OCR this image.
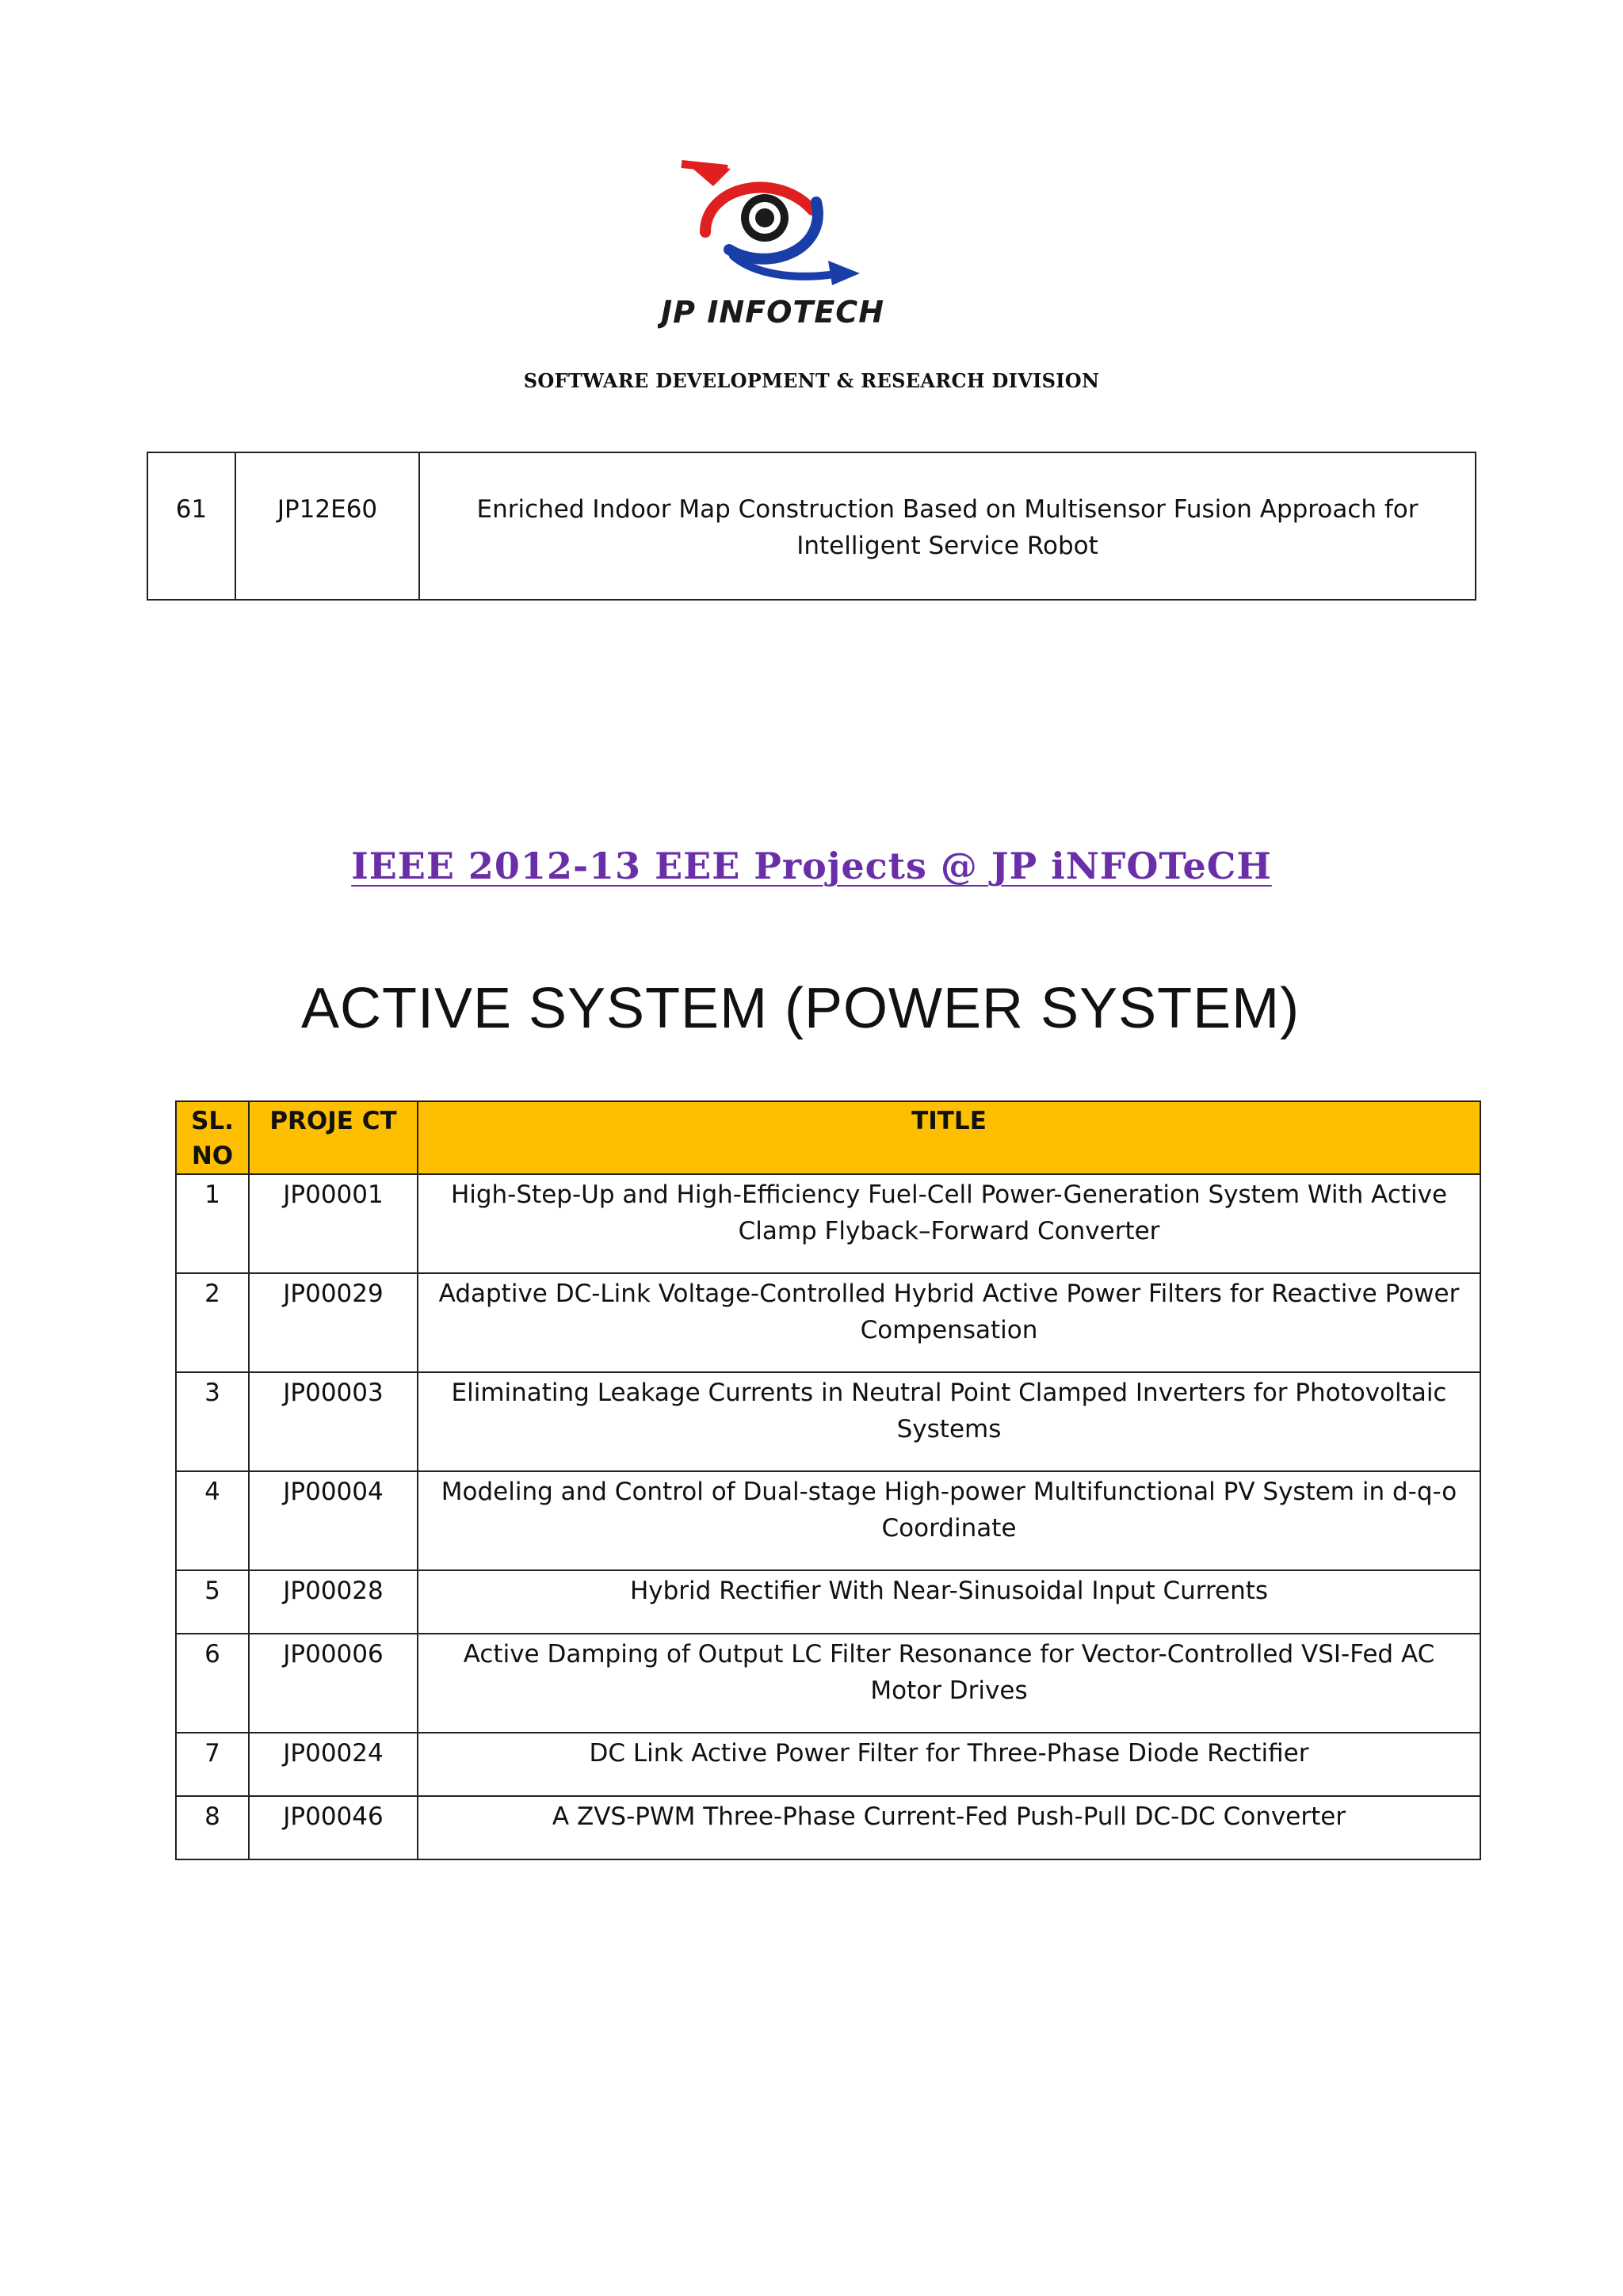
JP INFOTECH
SOFTWARE DEVELOPMENT & RESEARCH DIVISION
61	JP12E60	Enriched Indoor Map Construction Based on Multisensor Fusion Approach for Intelligent Service Robot
IEEE 2012-13 EEE Projects @ JP iNFOTeCH
ACTIVE SYSTEM (POWER SYSTEM)
SL. NO	PROJE CT	TITLE
1	JP00001	High-Step-Up and High-Efficiency Fuel-Cell Power-Generation System With Active Clamp Flyback–Forward Converter
2	JP00029	Adaptive DC-Link Voltage-Controlled Hybrid Active Power Filters for Reactive Power Compensation
3	JP00003	Eliminating Leakage Currents in Neutral Point Clamped Inverters for Photovoltaic Systems
4	JP00004	Modeling and Control of Dual-stage High-power Multifunctional PV System in d-q-o Coordinate
5	JP00028	Hybrid Rectifier With Near-Sinusoidal Input Currents
6	JP00006	Active Damping of Output LC Filter Resonance for Vector-Controlled VSI-Fed AC Motor Drives
7	JP00024	DC Link Active Power Filter for Three-Phase Diode Rectifier
8	JP00046	A ZVS-PWM Three-Phase Current-Fed Push-Pull DC-DC Converter
